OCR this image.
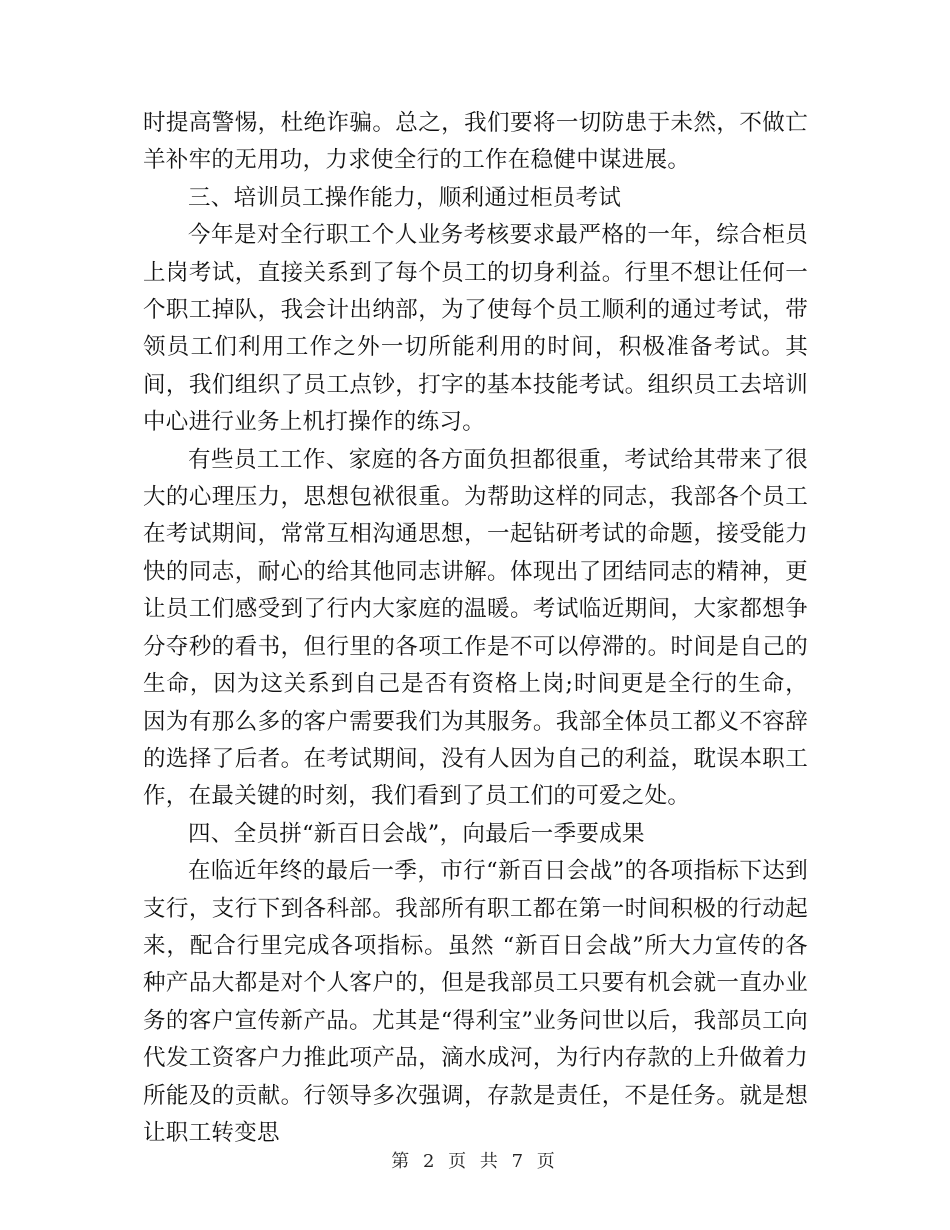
时提高警惕，杜绝诈骗。总之，我们要将一切防患于未然，不做亡羊补牢的无用功，力求使全行的工作在稳健中谋进展。

三、培训员工操作能力，顺利通过柜员考试

今年是对全行职工个人业务考核要求最严格的一年，综合柜员上岗考试，直接关系到了每个员工的切身利益。行里不想让任何一个职工掉队，我会计出纳部，为了使每个员工顺利的通过考试，带领员工们利用工作之外一切所能利用的时间，积极准备考试。其间，我们组织了员工点钞，打字的基本技能考试。组织员工去培训中心进行业务上机打操作的练习。

有些员工工作、家庭的各方面负担都很重，考试给其带来了很大的心理压力，思想包袱很重。为帮助这样的同志，我部各个员工在考试期间，常常互相沟通思想，一起钻研考试的命题，接受能力快的同志，耐心的给其他同志讲解。体现出了团结同志的精神，更让员工们感受到了行内大家庭的温暖。考试临近期间，大家都想争分夺秒的看书，但行里的各项工作是不可以停滞的。时间是自己的生命，因为这关系到自己是否有资格上岗;时间更是全行的生命，因为有那么多的客户需要我们为其服务。我部全体员工都义不容辞的选择了后者。在考试期间，没有人因为自己的利益，耽误本职工作，在最关键的时刻，我们看到了员工们的可爱之处。

四、全员拼“新百日会战”，向最后一季要成果

在临近年终的最后一季，市行“新百日会战”的各项指标下达到支行，支行下到各科部。我部所有职工都在第一时间积极的行动起来，配合行里完成各项指标。虽然 “新百日会战”所大力宣传的各种产品大都是对个人客户的，但是我部员工只要有机会就一直办业务的客户宣传新产品。尤其是“得利宝”业务问世以后，我部员工向代发工资客户力推此项产品，滴水成河，为行内存款的上升做着力所能及的贡献。行领导多次强调，存款是责任，不是任务。就是想让职工转变思

第 2 页 共 7 页
